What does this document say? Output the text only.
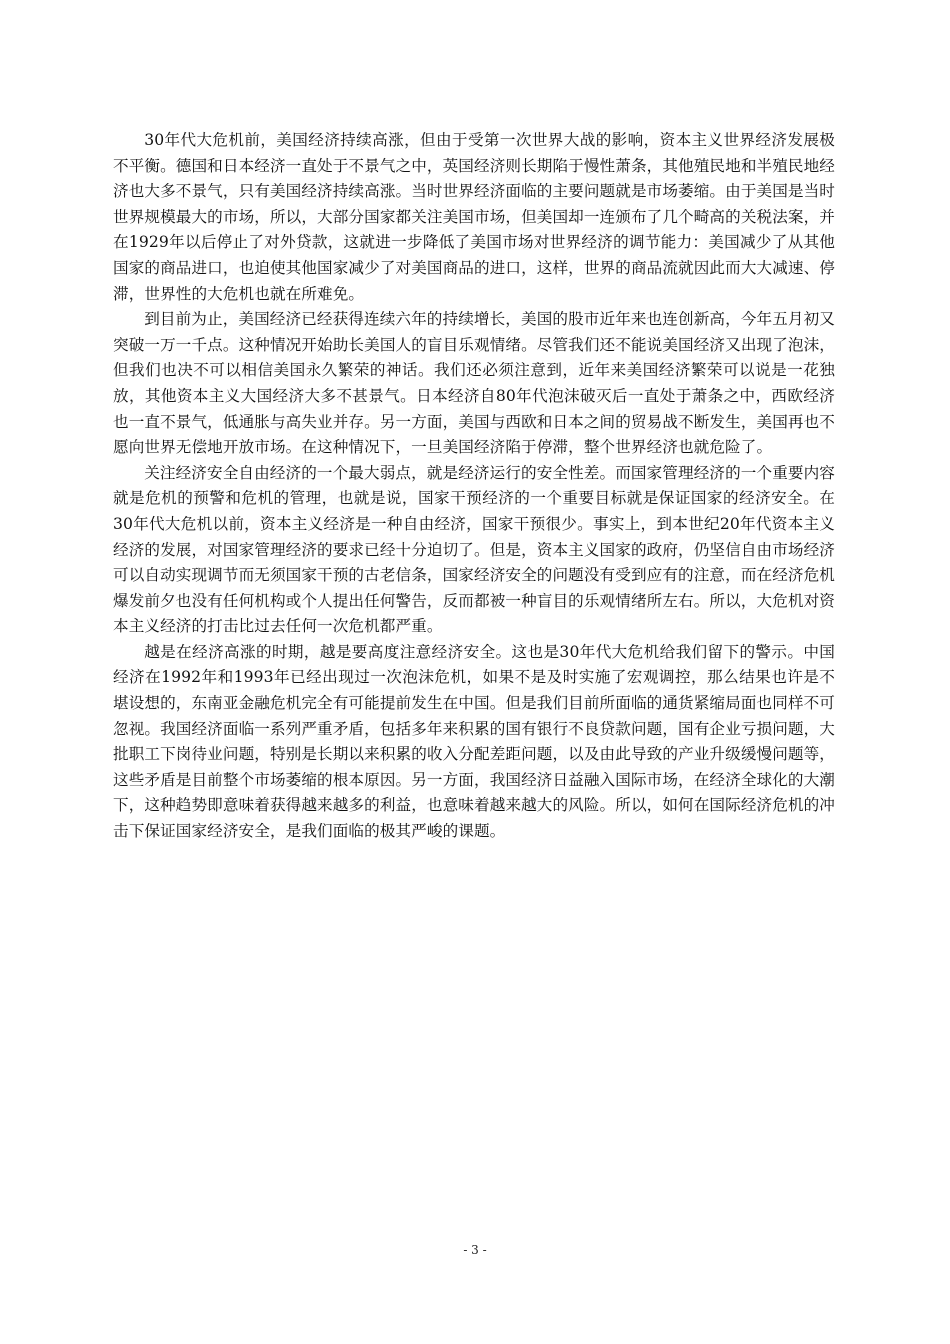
30年代大危机前，美国经济持续高涨，但由于受第一次世界大战的影响，资本主义世界经济发展极不平衡。德国和日本经济一直处于不景气之中，英国经济则长期陷于慢性萧条，其他殖民地和半殖民地经济也大多不景气，只有美国经济持续高涨。当时世界经济面临的主要问题就是市场萎缩。由于美国是当时世界规模最大的市场，所以，大部分国家都关注美国市场，但美国却一连颁布了几个畸高的关税法案，并在1929年以后停止了对外贷款，这就进一步降低了美国市场对世界经济的调节能力：美国减少了从其他国家的商品进口，也迫使其他国家减少了对美国商品的进口，这样，世界的商品流就因此而大大减速、停滞，世界性的大危机也就在所难免。

到目前为止，美国经济已经获得连续六年的持续增长，美国的股市近年来也连创新高，今年五月初又突破一万一千点。这种情况开始助长美国人的盲目乐观情绪。尽管我们还不能说美国经济又出现了泡沫，但我们也决不可以相信美国永久繁荣的神话。我们还必须注意到，近年来美国经济繁荣可以说是一花独放，其他资本主义大国经济大多不甚景气。日本经济自80年代泡沫破灭后一直处于萧条之中，西欧经济也一直不景气，低通胀与高失业并存。另一方面，美国与西欧和日本之间的贸易战不断发生，美国再也不愿向世界无偿地开放市场。在这种情况下，一旦美国经济陷于停滞，整个世界经济也就危险了。

关注经济安全自由经济的一个最大弱点，就是经济运行的安全性差。而国家管理经济的一个重要内容就是危机的预警和危机的管理，也就是说，国家干预经济的一个重要目标就是保证国家的经济安全。在30年代大危机以前，资本主义经济是一种自由经济，国家干预很少。事实上，到本世纪20年代资本主义经济的发展，对国家管理经济的要求已经十分迫切了。但是，资本主义国家的政府，仍坚信自由市场经济可以自动实现调节而无须国家干预的古老信条，国家经济安全的问题没有受到应有的注意，而在经济危机爆发前夕也没有任何机构或个人提出任何警告，反而都被一种盲目的乐观情绪所左右。所以，大危机对资本主义经济的打击比过去任何一次危机都严重。

越是在经济高涨的时期，越是要高度注意经济安全。这也是30年代大危机给我们留下的警示。中国经济在1992年和1993年已经出现过一次泡沫危机，如果不是及时实施了宏观调控，那么结果也许是不堪设想的，东南亚金融危机完全有可能提前发生在中国。但是我们目前所面临的通货紧缩局面也同样不可忽视。我国经济面临一系列严重矛盾，包括多年来积累的国有银行不良贷款问题，国有企业亏损问题，大批职工下岗待业问题，特别是长期以来积累的收入分配差距问题，以及由此导致的产业升级缓慢问题等，这些矛盾是目前整个市场萎缩的根本原因。另一方面，我国经济日益融入国际市场，在经济全球化的大潮下，这种趋势即意味着获得越来越多的利益，也意味着越来越大的风险。所以，如何在国际经济危机的冲击下保证国家经济安全，是我们面临的极其严峻的课题。

- 3 -
